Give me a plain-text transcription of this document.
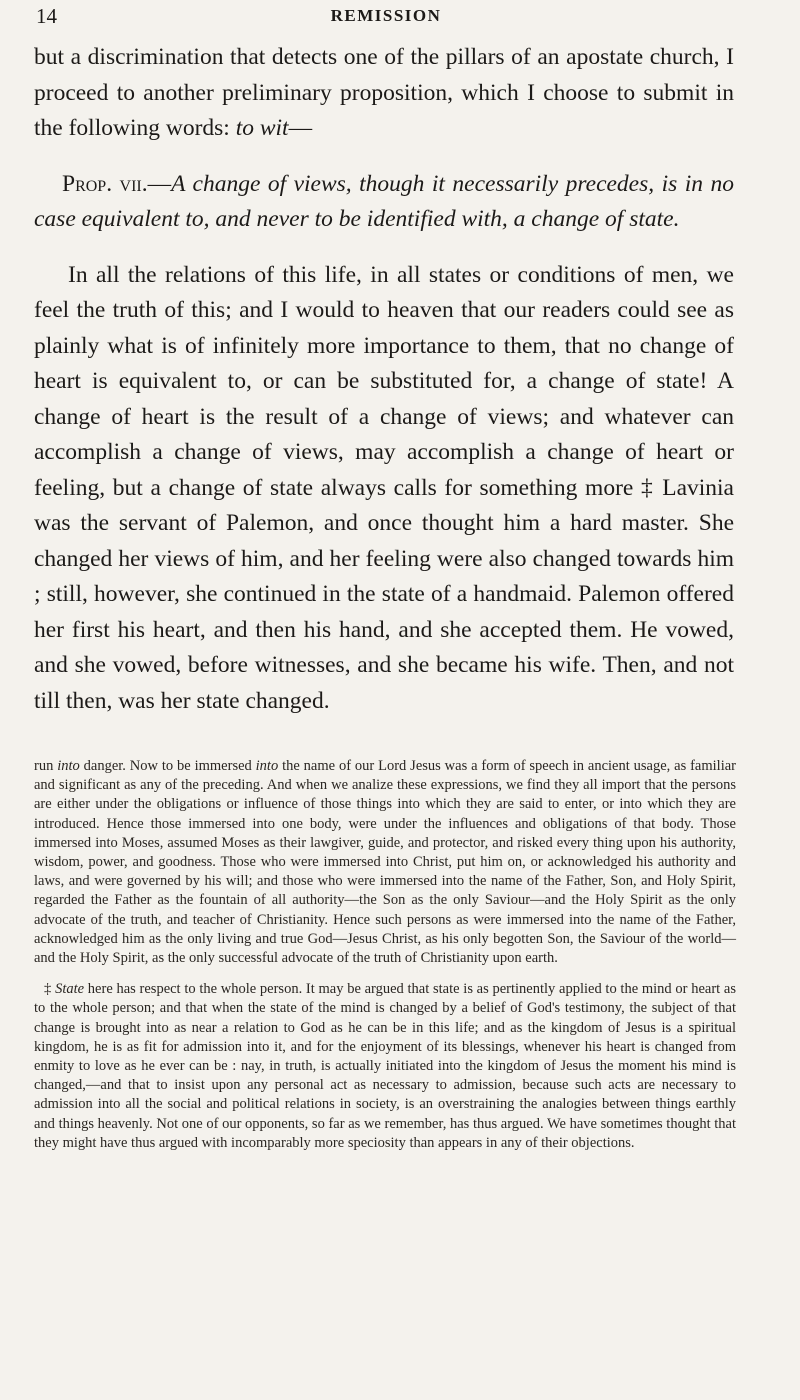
14	REMISSION

but a discrimination that detects one of the pillars of an apostate church, I proceed to another preliminary proposition, which I choose to submit in the following words: to wit—

Prop. vii.—A change of views, though it necessarily precedes, is in no case equivalent to, and never to be identified with, a change of state.

In all the relations of this life, in all states or conditions of men, we feel the truth of this; and I would to heaven that our readers could see as plainly what is of infinitely more importance to them, that no change of heart is equivalent to, or can be substituted for, a change of state! A change of heart is the result of a change of views; and whatever can accomplish a change of views, may accomplish a change of heart or feeling, but a change of state always calls for something more ‡ Lavinia was the servant of Palemon, and once thought him a hard master. She changed her views of him, and her feeling were also changed towards him ; still, however, she continued in the state of a handmaid. Palemon offered her first his heart, and then his hand, and she accepted them. He vowed, and she vowed, before witnesses, and she became his wife. Then, and not till then, was her state changed.

run into danger. Now to be immersed into the name of our Lord Jesus was a form of speech in ancient usage, as familiar and significant as any of the preceding. And when we analize these expressions, we find they all import that the persons are either under the obligations or influence of those things into which they are said to enter, or into which they are introduced. Hence those immersed into one body, were under the influences and obligations of that body. Those immersed into Moses, assumed Moses as their lawgiver, guide, and protector, and risked every thing upon his authority, wisdom, power, and goodness. Those who were immersed into Christ, put him on, or acknowledged his authority and laws, and were governed by his will; and those who were immersed into the name of the Father, Son, and Holy Spirit, regarded the Father as the fountain of all authority—the Son as the only Saviour—and the Holy Spirit as the only advocate of the truth, and teacher of Christianity. Hence such persons as were immersed into the name of the Father, acknowledged him as the only living and true God—Jesus Christ, as his only begotten Son, the Saviour of the world—and the Holy Spirit, as the only successful advocate of the truth of Christianity upon earth.

‡ State here has respect to the whole person. It may be argued that state is as pertinently applied to the mind or heart as to the whole person; and that when the state of the mind is changed by a belief of God's testimony, the subject of that change is brought into as near a relation to God as he can be in this life; and as the kingdom of Jesus is a spiritual kingdom, he is as fit for admission into it, and for the enjoyment of its blessings, whenever his heart is changed from enmity to love as he ever can be : nay, in truth, is actually initiated into the kingdom of Jesus the moment his mind is changed,—and that to insist upon any personal act as necessary to admission, because such acts are necessary to admission into all the social and political relations in society, is an overstraining the analogies between things earthly and things heavenly. Not one of our opponents, so far as we remember, has thus argued. We have sometimes thought that they might have thus argued with incomparably more speciosity than appears in any of their objections.
